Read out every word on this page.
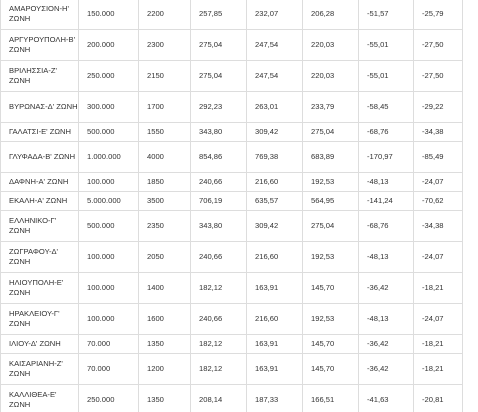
ΑΜΑΡΟΥΣΙΟΝ-Η' ΖΩΝΗ	150.000	2200	257,85	232,07	206,28	-51,57	-25,79
ΑΡΓΥΡΟΥΠΟΛΗ-Β' ΖΩΝΗ	200.000	2300	275,04	247,54	220,03	-55,01	-27,50
ΒΡΙΛΗΣΣΙΑ-Ζ' ΖΩΝΗ	250.000	2150	275,04	247,54	220,03	-55,01	-27,50
ΒΥΡΩΝΑΣ-Δ' ΖΩΝΗ	300.000	1700	292,23	263,01	233,79	-58,45	-29,22
ΓΑΛΑΤΣΙ-Ε' ΖΩΝΗ	500.000	1550	343,80	309,42	275,04	-68,76	-34,38
ΓΛΥΦΑΔΑ-Β' ΖΩΝΗ	1.000.000	4000	854,86	769,38	683,89	-170,97	-85,49
ΔΑΦΝΗ-Α' ΖΩΝΗ	100.000	1850	240,66	216,60	192,53	-48,13	-24,07
ΕΚΑΛΗ-Α' ΖΩΝΗ	5.000.000	3500	706,19	635,57	564,95	-141,24	-70,62
ΕΛΛΗΝΙΚΟ-Γ' ΖΩΝΗ	500.000	2350	343,80	309,42	275,04	-68,76	-34,38
ΖΩΓΡΑΦΟΥ-Δ' ΖΩΝΗ	100.000	2050	240,66	216,60	192,53	-48,13	-24,07
ΗΛΙΟΥΠΟΛΗ-Ε' ΖΩΝΗ	100.000	1400	182,12	163,91	145,70	-36,42	-18,21
ΗΡΑΚΛΕΙΟΥ-Γ' ΖΩΝΗ	100.000	1600	240,66	216,60	192,53	-48,13	-24,07
ΙΛΙΟΥ-Δ' ΖΩΝΗ	70.000	1350	182,12	163,91	145,70	-36,42	-18,21
ΚΑΙΣΑΡΙΑΝΗ-Ζ' ΖΩΝΗ	70.000	1200	182,12	163,91	145,70	-36,42	-18,21
ΚΑΛΛΙΘΕΑ-Ε' ΖΩΝΗ	250.000	1350	208,14	187,33	166,51	-41,63	-20,81
